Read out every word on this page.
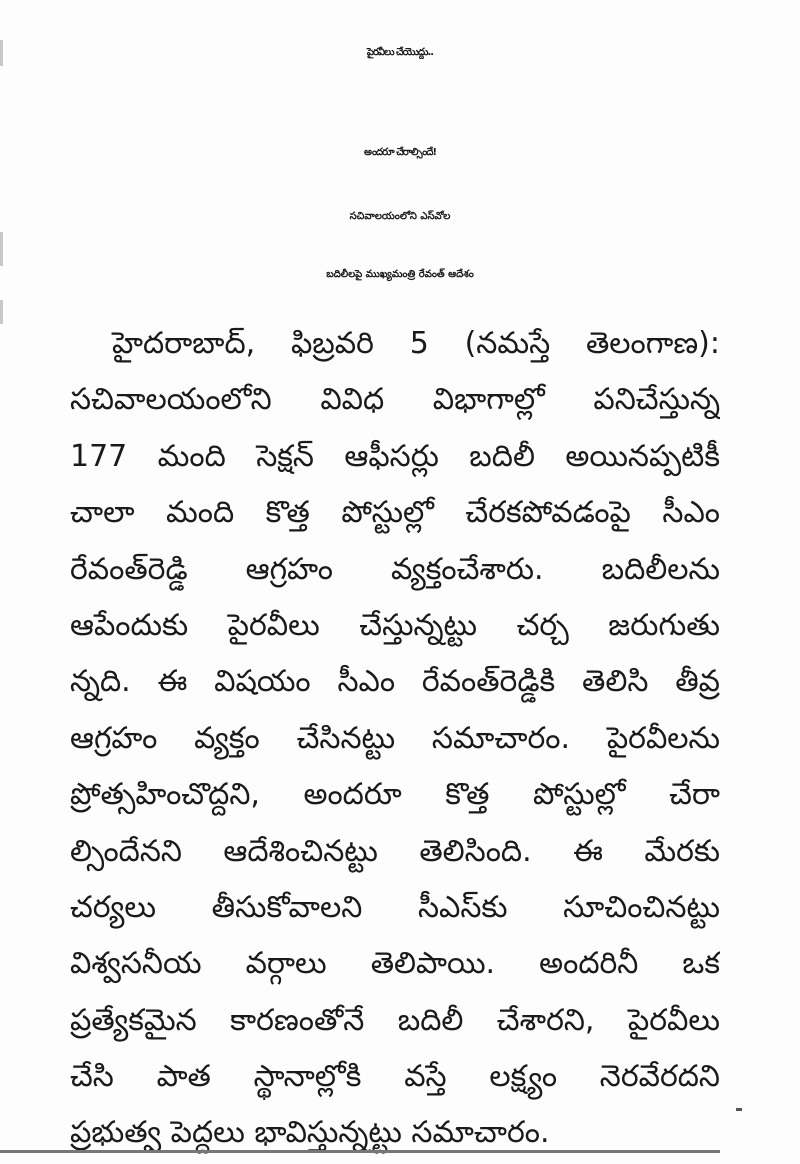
పైరవీలు చేయొద్దు..
అందరూ చేరాల్సిందే!
సచివాలయంలోని ఎస్‌వోల
బదిలీలపై ముఖ్యమంత్రి రేవంత్ ఆదేశం
హైదరాబాద్, ఫిబ్రవరి 5 (నమస్తే తెలంగాణ):
సచివాలయంలోని వివిధ విభాగాల్లో పనిచేస్తున్న
177 మంది సెక్షన్ ఆఫీసర్లు బదిలీ అయినప్పటికీ
చాలా మంది కొత్త పోస్టుల్లో చేరకపోవడంపై సీఎం
రేవంత్‌రెడ్డి ఆగ్రహం వ్యక్తంచేశారు. బదిలీలను
ఆపేందుకు పైరవీలు చేస్తున్నట్టు చర్చ జరుగుతు
న్నది. ఈ విషయం సీఎం రేవంత్‌రెడ్డికి తెలిసి తీవ్ర
ఆగ్రహం వ్యక్తం చేసినట్టు సమాచారం. పైరవీలను
ప్రోత్సహించొద్దని, అందరూ కొత్త పోస్టుల్లో చేరా
ల్సిందేనని ఆదేశించినట్టు తెలిసింది. ఈ మేరకు
చర్యలు తీసుకోవాలని సీఎస్‌కు సూచించినట్టు
విశ్వసనీయ వర్గాలు తెలిపాయి. అందరినీ ఒక
ప్రత్యేకమైన కారణంతోనే బదిలీ చేశారని, పైరవీలు
చేసి పాత స్థానాల్లోకి వస్తే లక్ష్యం నెరవేరదని
ప్రభుత్వ పెద్దలు భావిస్తున్నట్టు సమాచారం.
